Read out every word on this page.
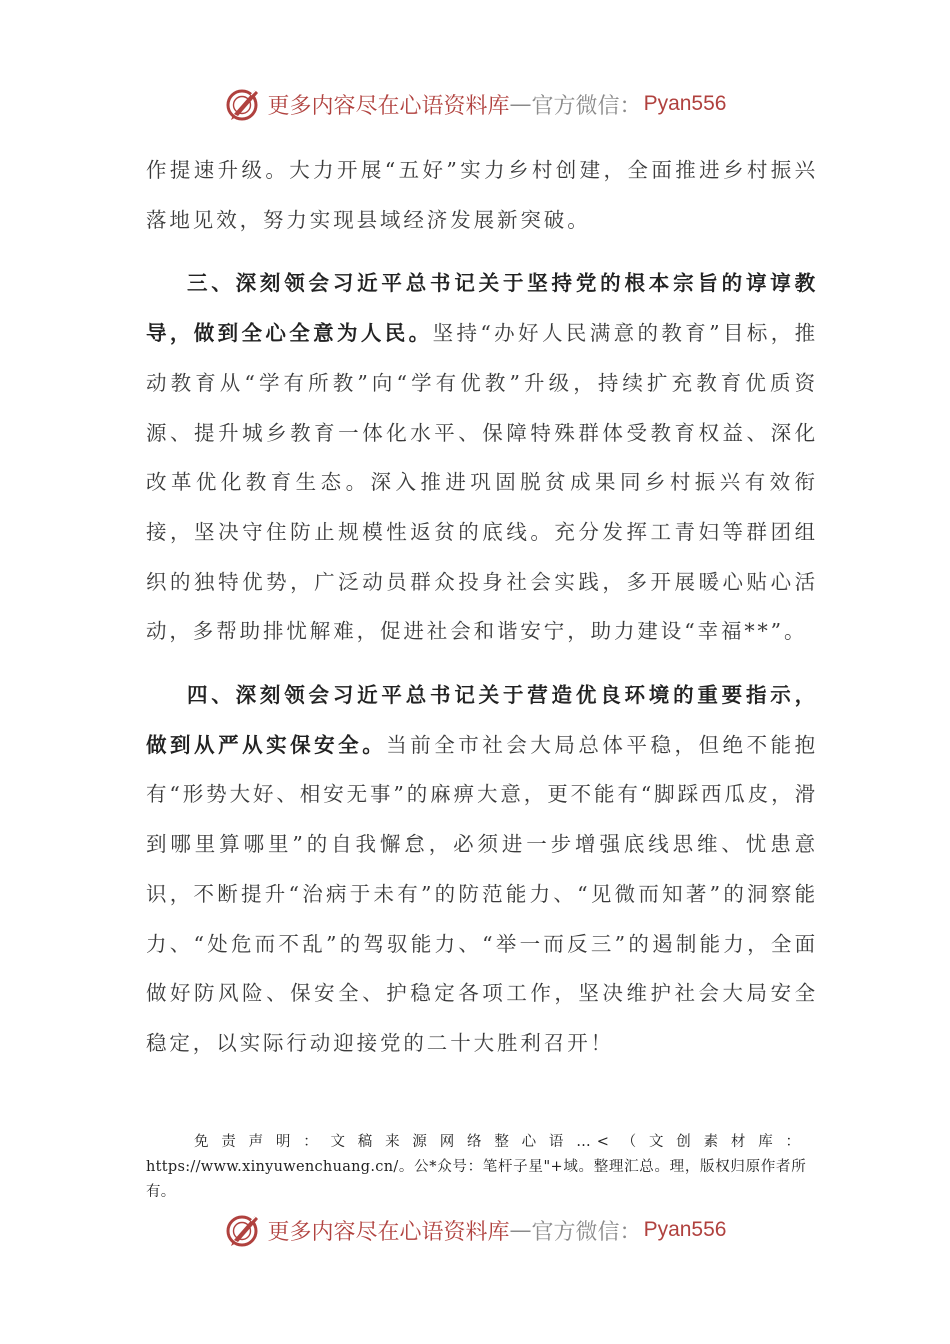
更多内容尽在心语资料库 — 官方微信： Pyan556

作提速升级。大力开展“五好”实力乡村创建，全面推进乡村振兴落地见效，努力实现县域经济发展新突破。

三、深刻领会习近平总书记关于坚持党的根本宗旨的谆谆教导，做到全心全意为人民。坚持“办好人民满意的教育”目标，推动教育从“学有所教”向“学有优教”升级，持续扩充教育优质资源、提升城乡教育一体化水平、保障特殊群体受教育权益、深化改革优化教育生态。深入推进巩固脱贫成果同乡村振兴有效衔接，坚决守住防止规模性返贫的底线。充分发挥工青妇等群团组织的独特优势，广泛动员群众投身社会实践，多开展暖心贴心活动，多帮助排忧解难，促进社会和谐安宁，助力建设“幸福**”。

四、深刻领会习近平总书记关于营造优良环境的重要指示，做到从严从实保安全。当前全市社会大局总体平稳，但绝不能抱有“形势大好、相安无事”的麻痹大意，更不能有“脚踩西瓜皮，滑到哪里算哪里”的自我懈怠，必须进一步增强底线思维、忧患意识，不断提升“治病于未有”的防范能力、“见微而知著”的洞察能力、“处危而不乱”的驾驭能力、“举一而反三”的遏制能力，全面做好防风险、保安全、护稳定各项工作，坚决维护社会大局安全稳定，以实际行动迎接党的二十大胜利召开！

免责声明：文稿来源网络整心语…<（文创素材库：https://www.xinyuwenchuang.cn/。公*众号：笔杆子星"+域。整理汇总。理，版权归原作者所有。
更多内容尽在心语资料库 — 官方微信： Pyan556
